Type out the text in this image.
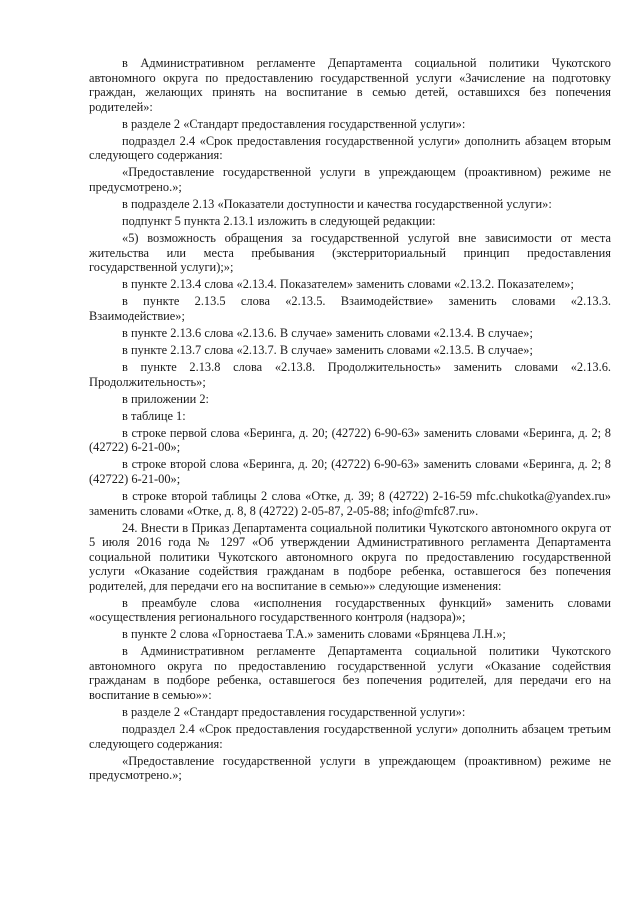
в Административном регламенте Департамента социальной политики Чукотского автономного округа по предоставлению государственной услуги «Зачисление на подготовку граждан, желающих принять на воспитание в семью детей, оставшихся без попечения родителей»:

в разделе 2 «Стандарт предоставления государственной услуги»:

подраздел 2.4 «Срок предоставления государственной услуги» дополнить абзацем вторым следующего содержания:

«Предоставление государственной услуги в упреждающем (проактивном) режиме не предусмотрено.»;

в подразделе 2.13 «Показатели доступности и качества государственной услуги»:

подпункт 5 пункта 2.13.1 изложить в следующей редакции:

«5) возможность обращения за государственной услугой вне зависимости от места жительства или места пребывания (экстерриториальный принцип предоставления государственной услуги);»;

в пункте 2.13.4 слова «2.13.4. Показателем» заменить словами «2.13.2. Показателем»;

в пункте 2.13.5 слова «2.13.5. Взаимодействие» заменить словами «2.13.3. Взаимодействие»;

в пункте 2.13.6 слова «2.13.6. В случае» заменить словами «2.13.4. В случае»;

в пункте 2.13.7 слова «2.13.7. В случае» заменить словами «2.13.5. В случае»;

в пункте 2.13.8 слова «2.13.8. Продолжительность» заменить словами «2.13.6. Продолжительность»;

в приложении 2:

в таблице 1:

в строке первой слова «Беринга, д. 20; (42722) 6-90-63» заменить словами «Беринга, д. 2; 8 (42722) 6-21-00»;

в строке второй слова «Беринга, д. 20; (42722) 6-90-63» заменить словами «Беринга, д. 2; 8 (42722) 6-21-00»;

в строке второй таблицы 2 слова «Отке, д. 39; 8 (42722) 2-16-59 mfc.chukotka@yandex.ru» заменить словами «Отке, д. 8, 8 (42722) 2-05-87, 2-05-88; info@mfc87.ru».

24. Внести в Приказ Департамента социальной политики Чукотского автономного округа от 5 июля 2016 года № 1297 «Об утверждении Административного регламента Департамента социальной политики Чукотского автономного округа по предоставлению государственной услуги «Оказание содействия гражданам в подборе ребенка, оставшегося без попечения родителей, для передачи его на воспитание в семью»» следующие изменения:

в преамбуле слова «исполнения государственных функций» заменить словами «осуществления регионального государственного контроля (надзора)»;

в пункте 2 слова «Горностаева Т.А.» заменить словами «Брянцева Л.Н.»;

в Административном регламенте Департамента социальной политики Чукотского автономного округа по предоставлению государственной услуги «Оказание содействия гражданам в подборе ребенка, оставшегося без попечения родителей, для передачи его на воспитание в семью»»:

в разделе 2 «Стандарт предоставления государственной услуги»:

подраздел 2.4 «Срок предоставления государственной услуги» дополнить абзацем третьим следующего содержания:

«Предоставление государственной услуги в упреждающем (проактивном) режиме не предусмотрено.»;
